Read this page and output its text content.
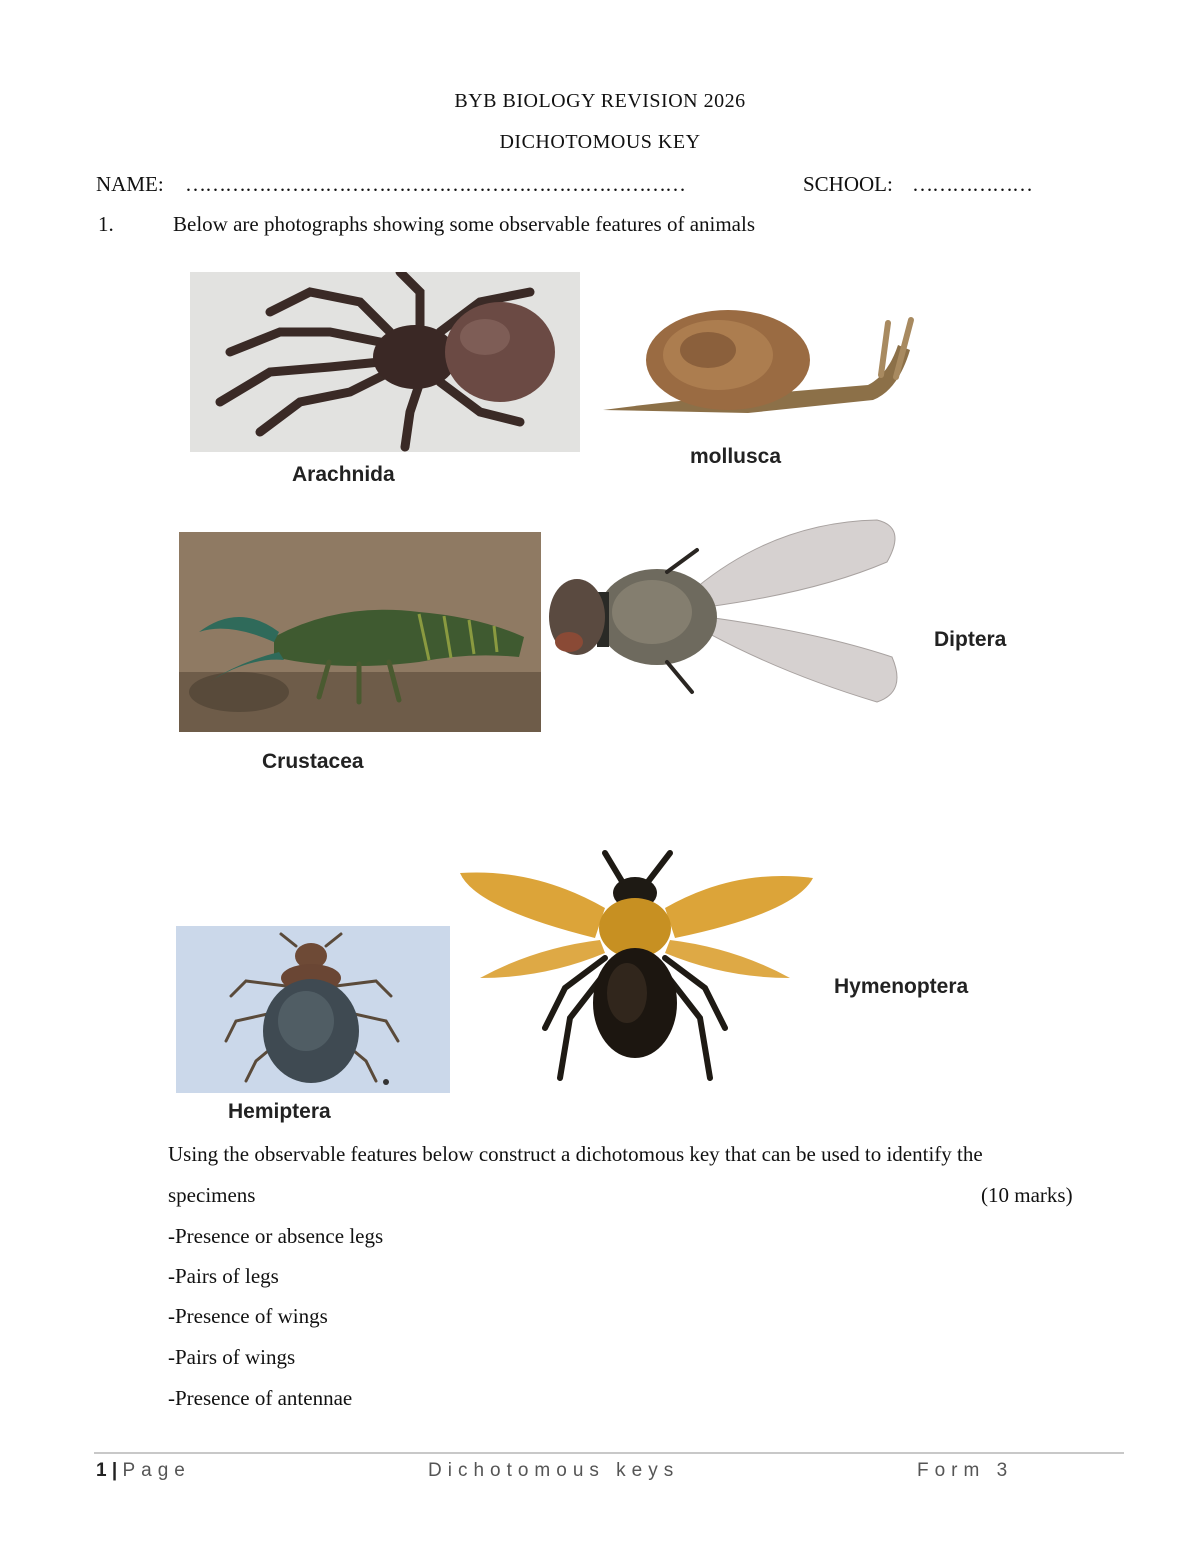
BYB BIOLOGY REVISION 2026
DICHOTOMOUS KEY
NAME: …………………………………………………………………	SCHOOL: ………………
1.	Below are photographs showing some observable features of animals
Arachnida
mollusca
Crustacea
Diptera
Hemiptera
Hymenoptera
Using the observable features below construct a dichotomous key that can be used to identify the
specimens	(10 marks)
-Presence or absence legs
-Pairs of legs
-Presence of wings
-Pairs of wings
-Presence of antennae
1 | Page	Dichotomous keys	Form 3
